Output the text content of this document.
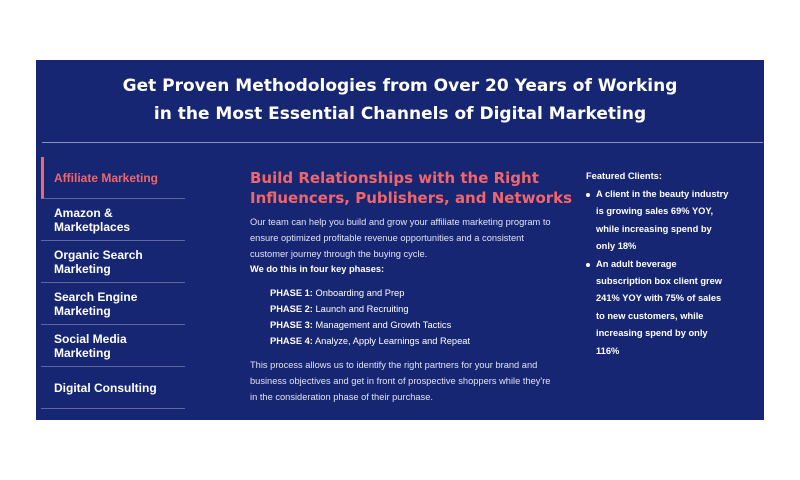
Get Proven Methodologies from Over 20 Years of Working
in the Most Essential Channels of Digital Marketing
Affiliate Marketing
Amazon &
Marketplaces
Organic Search
Marketing
Search Engine
Marketing
Social Media
Marketing
Digital Consulting
Build Relationships with the Right
Influencers, Publishers, and Networks
Our team can help you build and grow your affiliate marketing program to
ensure optimized profitable revenue opportunities and a consistent
customer journey through the buying cycle.
We do this in four key phases:
PHASE 1: Onboarding and Prep
PHASE 2: Launch and Recruiting
PHASE 3: Management and Growth Tactics
PHASE 4: Analyze, Apply Learnings and Repeat
This process allows us to identify the right partners for your brand and
business objectives and get in front of prospective shoppers while they're
in the consideration phase of their purchase.
Featured Clients:
A client in the beauty industry
is growing sales 69% YOY,
while increasing spend by
only 18%
An adult beverage
subscription box client grew
241% YOY with 75% of sales
to new customers, while
increasing spend by only
116%
